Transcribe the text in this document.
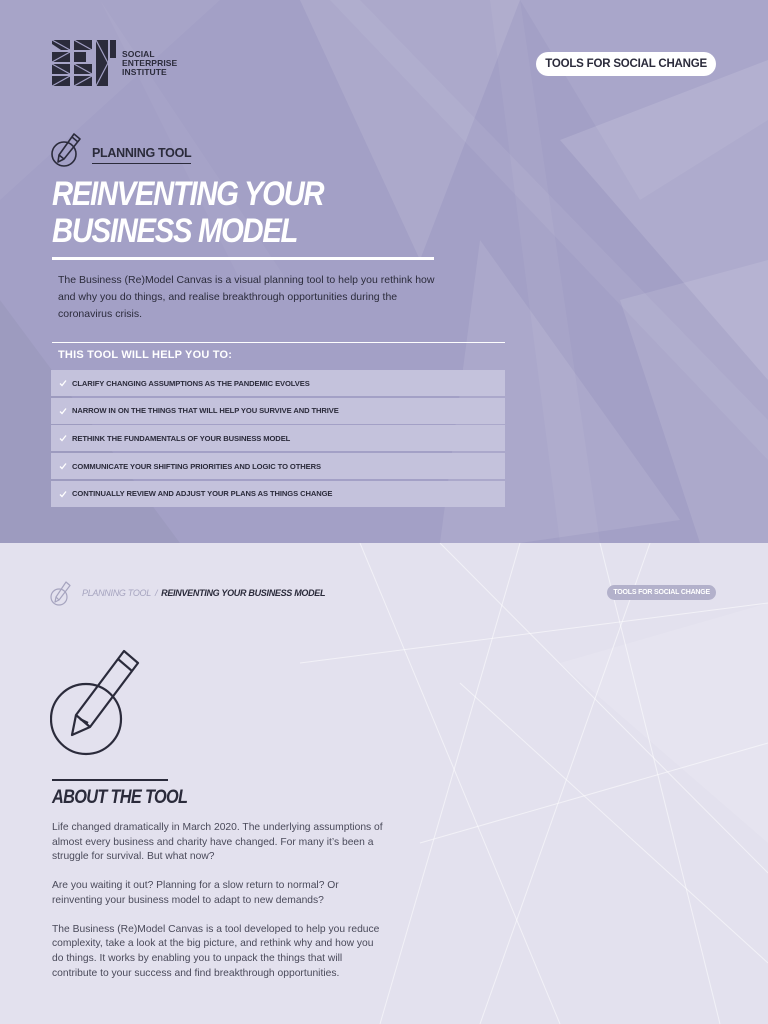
SOCIAL
ENTERPRISE
INSTITUTE
TOOLS FOR SOCIAL CHANGE
PLANNING TOOL
REINVENTING YOUR
BUSINESS MODEL

The Business (Re)Model Canvas is a visual planning tool to help you rethink how and why you do things, and realise breakthrough opportunities during the coronavirus crisis.

THIS TOOL WILL HELP YOU TO:
CLARIFY CHANGING ASSUMPTIONS AS THE PANDEMIC EVOLVES
NARROW IN ON THE THINGS THAT WILL HELP YOU SURVIVE AND THRIVE
RETHINK THE FUNDAMENTALS OF YOUR BUSINESS MODEL
COMMUNICATE YOUR SHIFTING PRIORITIES AND LOGIC TO OTHERS
CONTINUALLY REVIEW AND ADJUST YOUR PLANS AS THINGS CHANGE
PLANNING TOOL / REINVENTING YOUR BUSINESS MODEL	TOOLS FOR SOCIAL CHANGE
ABOUT THE TOOL

Life changed dramatically in March 2020. The underlying assumptions of almost every business and charity have changed. For many it’s been a struggle for survival. But what now?

Are you waiting it out? Planning for a slow return to normal? Or reinventing your business model to adapt to new demands?

The Business (Re)Model Canvas is a tool developed to help you reduce complexity, take a look at the big picture, and rethink why and how you do things. It works by enabling you to unpack the things that will contribute to your success and find breakthrough opportunities.
